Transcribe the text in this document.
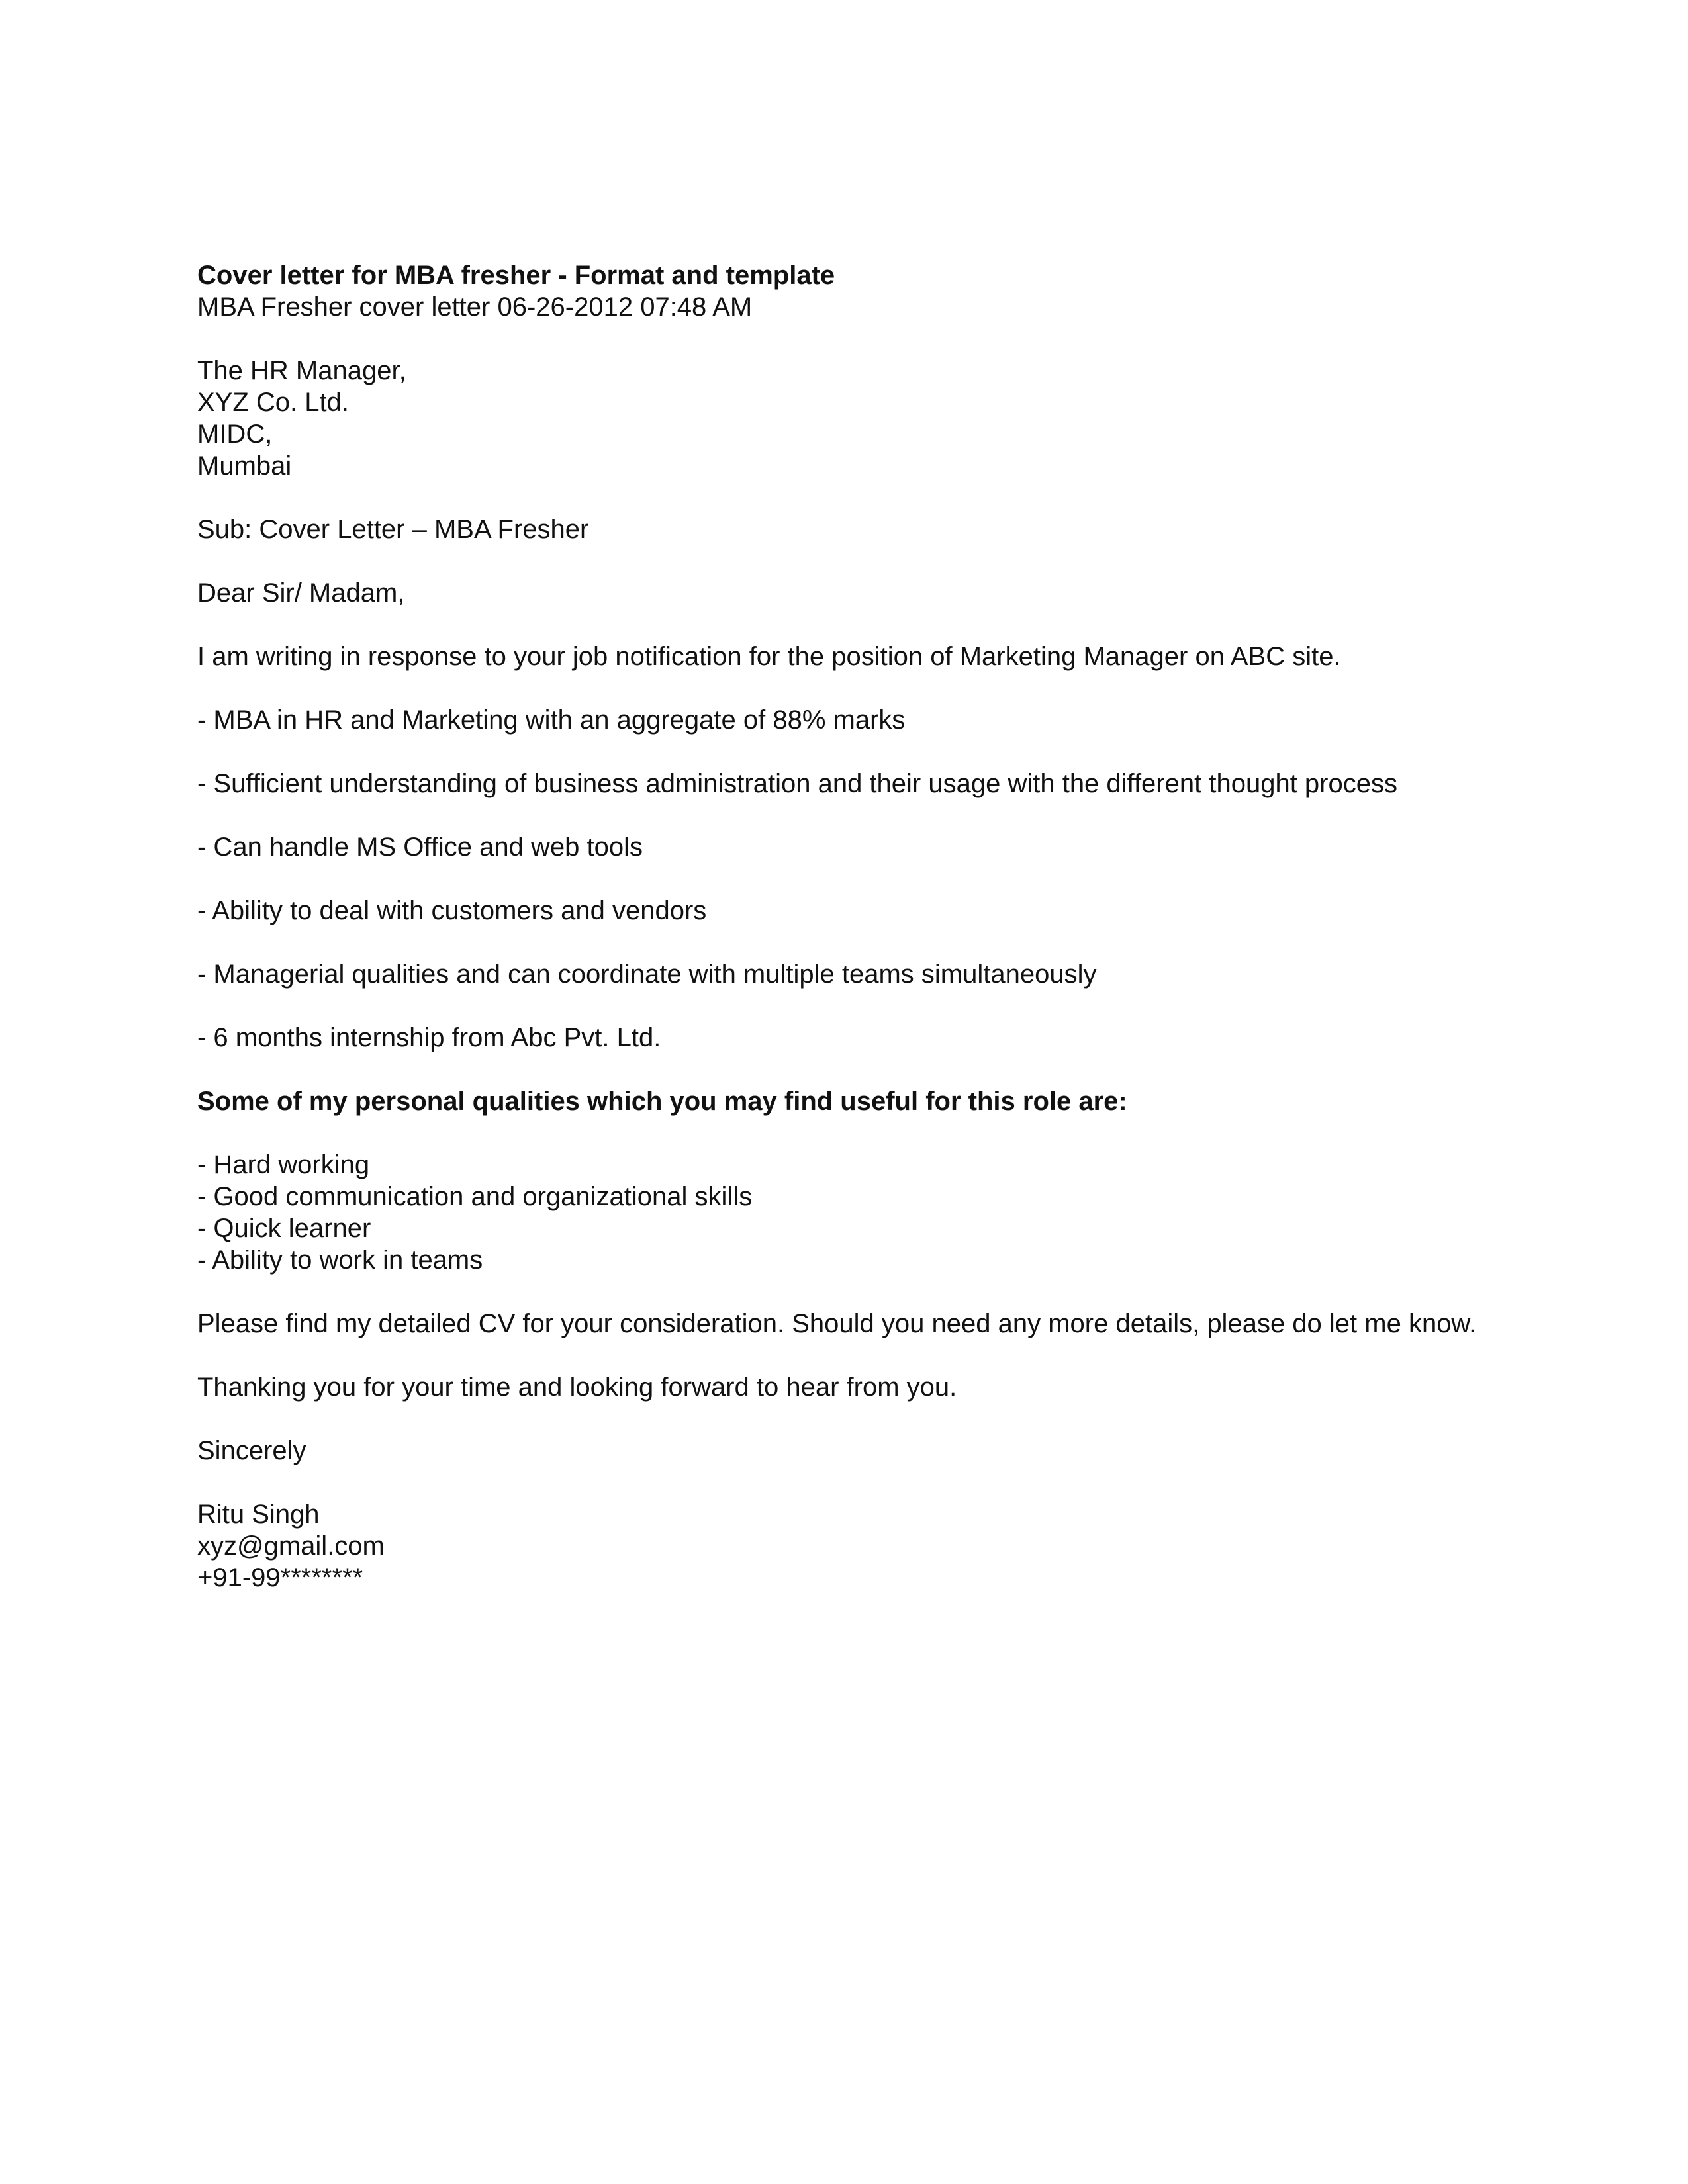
Cover letter for MBA fresher - Format and template

MBA Fresher cover letter 06-26-2012 07:48 AM

The HR Manager,

XYZ Co. Ltd.

MIDC,

Mumbai

Sub: Cover Letter – MBA Fresher

Dear Sir/ Madam,

I am writing in response to your job notification for the position of Marketing Manager on ABC site.

- MBA in HR and Marketing with an aggregate of 88% marks

- Sufficient understanding of business administration and their usage with the different thought process

- Can handle MS Office and web tools

- Ability to deal with customers and vendors

- Managerial qualities and can coordinate with multiple teams simultaneously

- 6 months internship from Abc Pvt. Ltd.

Some of my personal qualities which you may find useful for this role are:

- Hard working

- Good communication and organizational skills

- Quick learner

- Ability to work in teams

Please find my detailed CV for your consideration. Should you need any more details, please do let me know.

Thanking you for your time and looking forward to hear from you.

Sincerely

Ritu Singh

xyz@gmail.com

+91-99********
